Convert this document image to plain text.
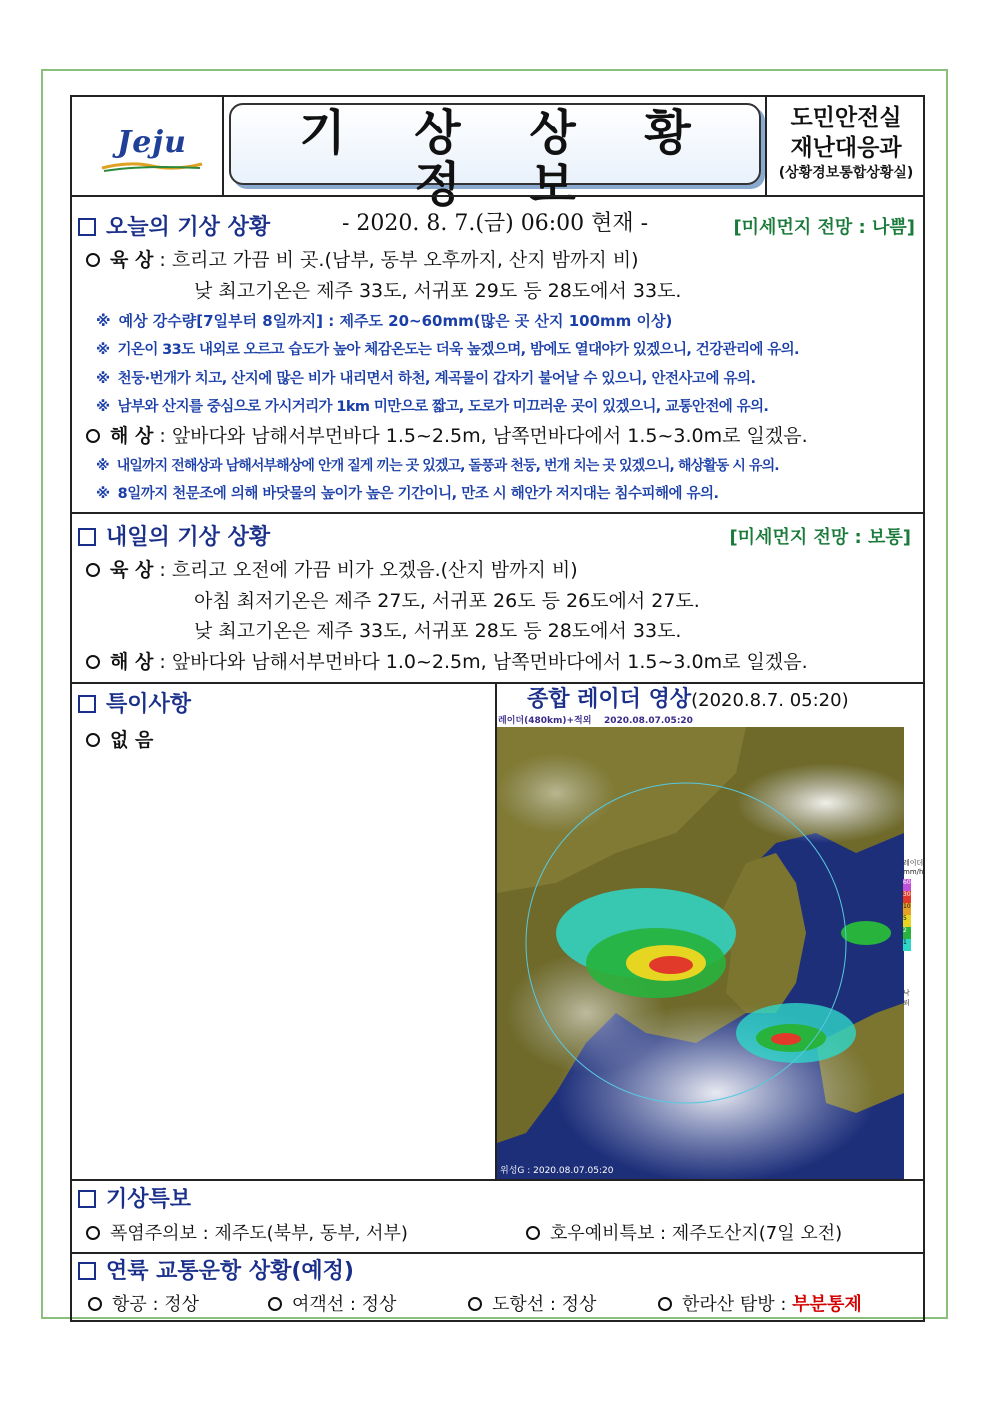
Jeju	기 상 상 황 정 보
- 2020. 8. 7.(금) 06:00 현재 -
도민안전실
재난대응과
(상황경보통합상황실)
오늘의 기상 상황	[미세먼지 전망 : 나쁨]
육 상 : 흐리고 가끔 비 곳.(남부, 동부 오후까지, 산지 밤까지 비)
낮 최고기온은 제주 33도, 서귀포 29도 등 28도에서 33도.
※ 예상 강수량[7일부터 8일까지] : 제주도 20~60mm(많은 곳 산지 100mm 이상)
※ 기온이 33도 내외로 오르고 습도가 높아 체감온도는 더욱 높겠으며, 밤에도 열대야가 있겠으니, 건강관리에 유의.
※ 천둥·번개가 치고, 산지에 많은 비가 내리면서 하천, 계곡물이 갑자기 불어날 수 있으니, 안전사고에 유의.
※ 남부와 산지를 중심으로 가시거리가 1km 미만으로 짧고, 도로가 미끄러운 곳이 있겠으니, 교통안전에 유의.
해 상 : 앞바다와 남해서부먼바다 1.5~2.5m, 남쪽먼바다에서 1.5~3.0m로 일겠음.
※ 내일까지 전해상과 남해서부해상에 안개 짙게 끼는 곳 있겠고, 돌풍과 천둥, 번개 치는 곳 있겠으니, 해상활동 시 유의.
※ 8일까지 천문조에 의해 바닷물의 높이가 높은 기간이니, 만조 시 해안가 저지대는 침수피해에 유의.
내일의 기상 상황	[미세먼지 전망 : 보통]
육 상 : 흐리고 오전에 가끔 비가 오겠음.(산지 밤까지 비)
아침 최저기온은 제주 27도, 서귀포 26도 등 26도에서 27도.
낮 최고기온은 제주 33도, 서귀포 28도 등 28도에서 33도.
해 상 : 앞바다와 남해서부먼바다 1.0~2.5m, 남쪽먼바다에서 1.5~3.0m로 일겠음.
특이사항
없 음
종합 레이더 영상(2020.8.7. 05:20)
레이더(480km)+적외 2020.08.07.05:20
레이더
mm/h
60
30
10
5
2
1
낙뢰
위성G : 2020.08.07.05:20
기상특보
폭염주의보 : 제주도(북부, 동부, 서부)	호우예비특보 : 제주도산지(7일 오전)
연륙 교통운항 상황(예정)
항공 : 정상	여객선 : 정상	도항선 : 정상	한라산 탐방 : 부분통제
